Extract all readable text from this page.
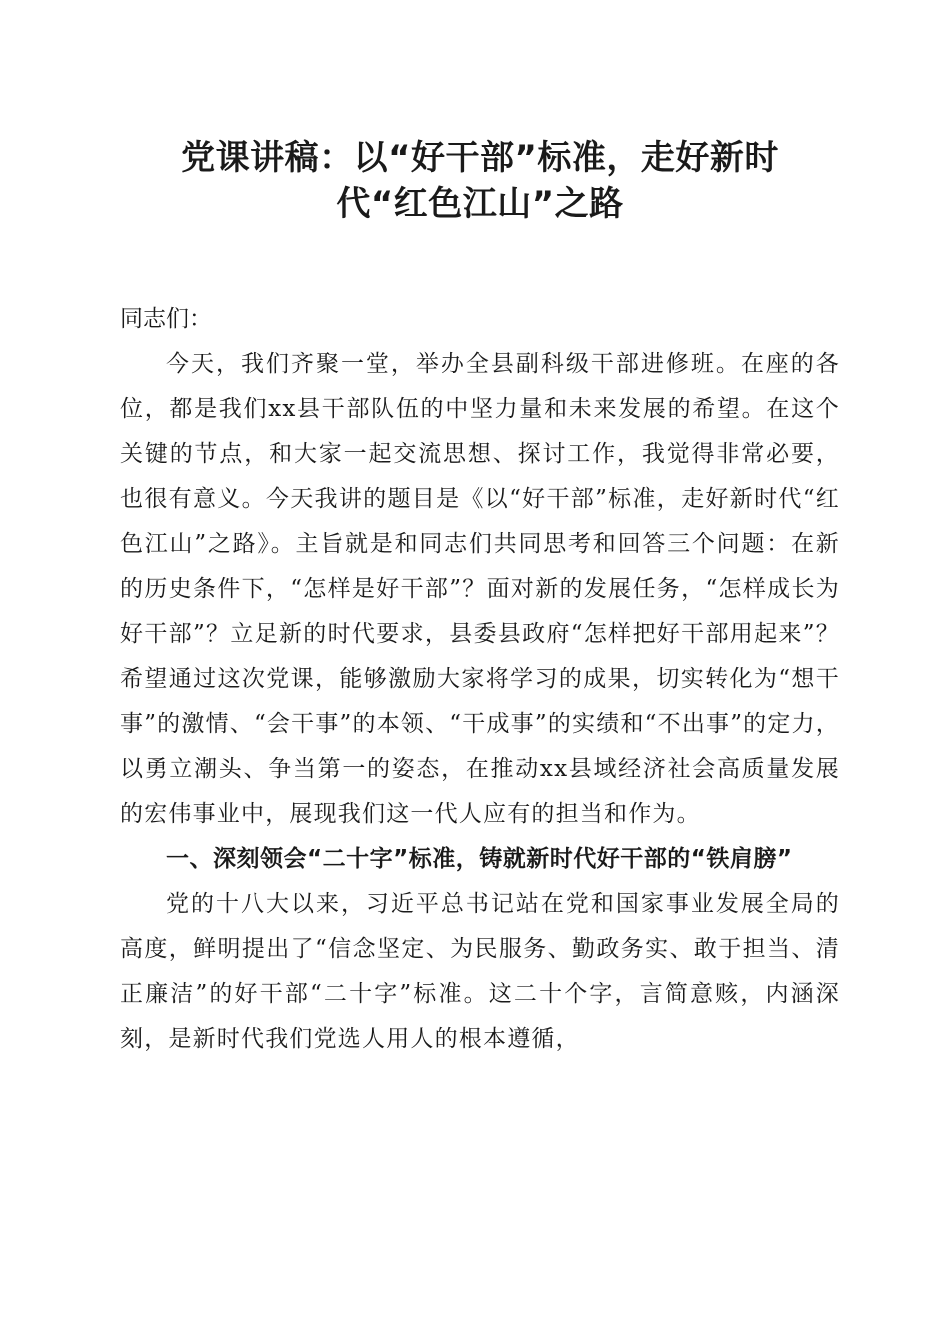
党课讲稿：以“好干部”标准，走好新时
代“红色江山”之路
同志们：

今天，我们齐聚一堂，举办全县副科级干部进修班。在座的各位，都是我们xx县干部队伍的中坚力量和未来发展的希望。在这个关键的节点，和大家一起交流思想、探讨工作，我觉得非常必要，也很有意义。今天我讲的题目是《以“好干部”标准，走好新时代“红色江山”之路》。主旨就是和同志们共同思考和回答三个问题：在新的历史条件下，“怎样是好干部”？面对新的发展任务，“怎样成长为好干部”？立足新的时代要求，县委县政府“怎样把好干部用起来”？希望通过这次党课，能够激励大家将学习的成果，切实转化为“想干事”的激情、“会干事”的本领、“干成事”的实绩和“不出事”的定力，以勇立潮头、争当第一的姿态，在推动xx县域经济社会高质量发展的宏伟事业中，展现我们这一代人应有的担当和作为。

一、深刻领会“二十字”标准，铸就新时代好干部的“铁肩膀”

党的十八大以来，习近平总书记站在党和国家事业发展全局的高度，鲜明提出了“信念坚定、为民服务、勤政务实、敢于担当、清正廉洁”的好干部“二十字”标准。这二十个字，言简意赅，内涵深刻，是新时代我们党选人用人的根本遵循，
